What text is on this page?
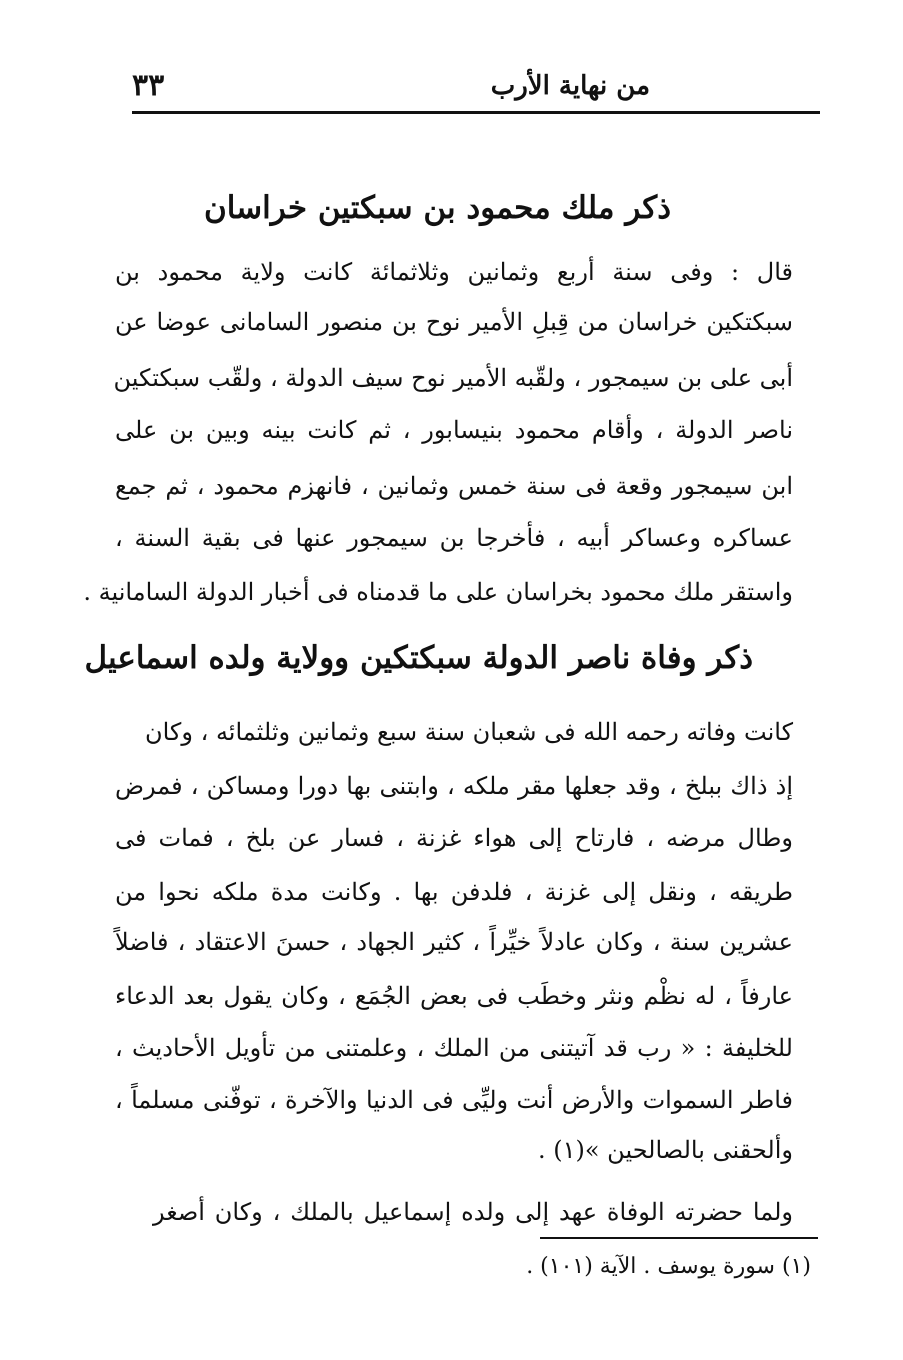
من نهاية الأرب
٣٣
ذكر ملك محمود بن سبكتين خراسان
قال : وفى سنة أربع وثمانين وثلاثمائة كانت ولاية محمود بن
سبكتكين خراسان من قِبلِ الأمير نوح بن منصور السامانى عوضا عن
أبى على بن سيمجور ، ولقّبه الأمير نوح سيف الدولة ، ولقّب سبكتكين
ناصر الدولة ، وأقام محمود بنيسابور ، ثم كانت بينه وبين بن على
ابن سيمجور وقعة فى سنة خمس وثمانين ، فانهزم محمود ، ثم جمع
عساكره وعساكر أبيه ، فأخرجا بن سيمجور عنها فى بقية السنة ،
واستقر ملك محمود بخراسان على ما قدمناه فى أخبار الدولة السامانية .
ذكر وفاة ناصر الدولة سبكتكين وولاية ولده اسماعيل
كانت وفاته رحمه الله فى شعبان سنة سبع وثمانين وثلثمائه ، وكان
إذ ذاك ببلخ ، وقد جعلها مقر ملكه ، وابتنى بها دورا ومساكن ، فمرض
وطال مرضه ، فارتاح إلى هواء غزنة ، فسار عن بلخ ، فمات فى
طريقه ، ونقل إلى غزنة ، فلدفن بها . وكانت مدة ملكه نحوا من
عشرين سنة ، وكان عادلاً خيِّراً ، كثير الجهاد ، حسنَ الاعتقاد ، فاضلاً
عارفاً ، له نظْم ونثر وخطَب فى بعض الجُمَع ، وكان يقول بعد الدعاء
للخليفة : « رب قد آتيتنى من الملك ، وعلمتنى من تأويل الأحاديث ،
فاطر السموات والأرض أنت وليِّى فى الدنيا والآخرة ، توفّنى مسلماً ،
وألحقنى بالصالحين »(١) .
ولما حضرته الوفاة عهد إلى ولده إسماعيل بالملك ، وكان أصغر
(١) سورة يوسف . الآية (١٠١) .
